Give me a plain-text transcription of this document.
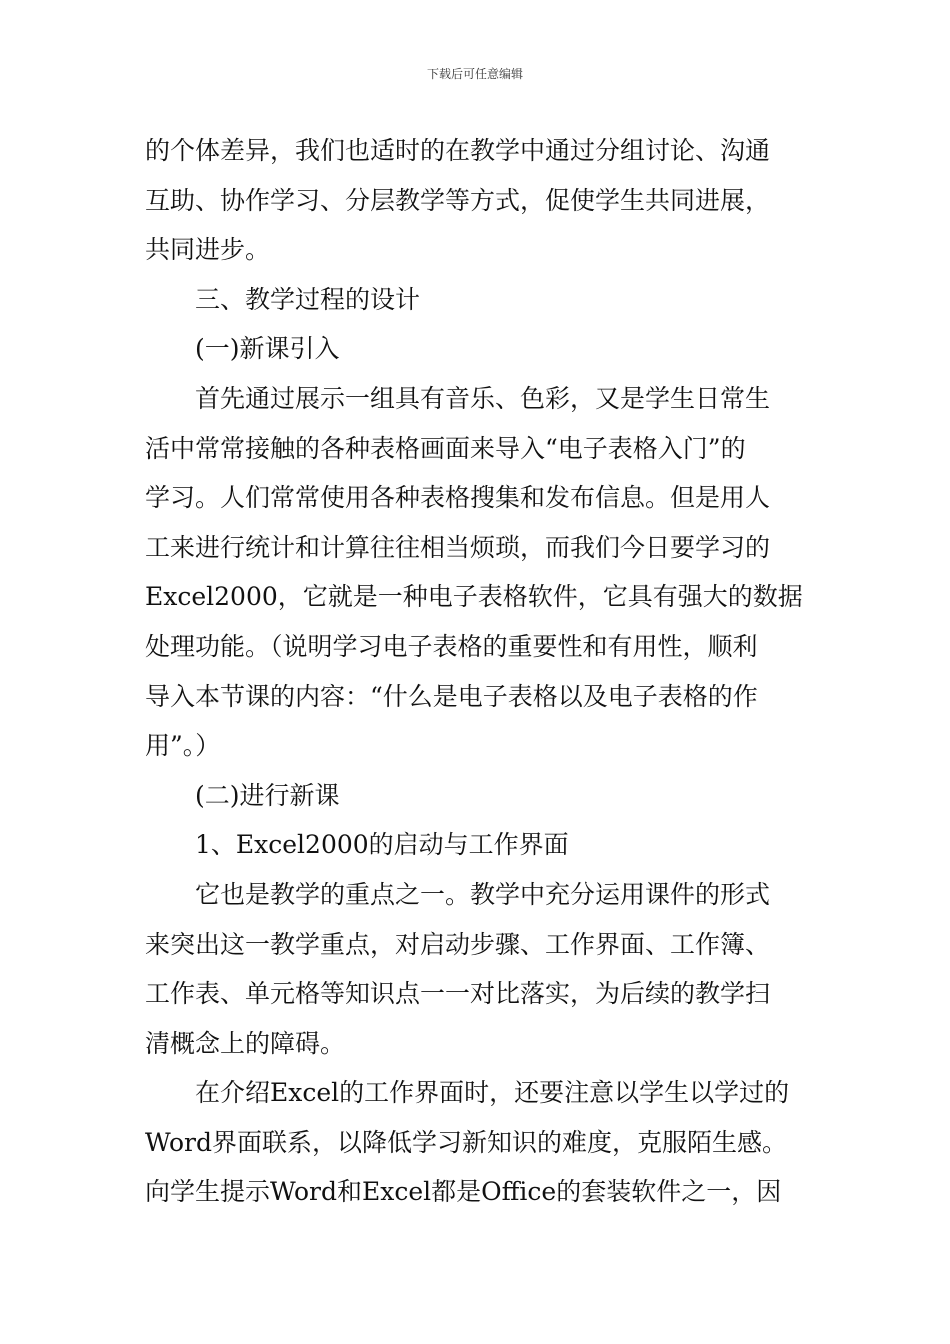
下载后可任意编辑

的个体差异，我们也适时的在教学中通过分组讨论、沟通

互助、协作学习、分层教学等方式，促使学生共同进展，

共同进步。

三、教学过程的设计

(一)新课引入

首先通过展示一组具有音乐、色彩，又是学生日常生

活中常常接触的各种表格画面来导入“电子表格入门”的

学习。人们常常使用各种表格搜集和发布信息。但是用人

工来进行统计和计算往往相当烦琐，而我们今日要学习的

Excel2000，它就是一种电子表格软件，它具有强大的数据

处理功能。（说明学习电子表格的重要性和有用性，顺利

导入本节课的内容：“什么是电子表格以及电子表格的作

用”。）

(二)进行新课

1、Excel2000的启动与工作界面

它也是教学的重点之一。教学中充分运用课件的形式

来突出这一教学重点，对启动步骤、工作界面、工作簿、

工作表、单元格等知识点一一对比落实，为后续的教学扫

清概念上的障碍。

在介绍Excel的工作界面时，还要注意以学生以学过的

Word界面联系，以降低学习新知识的难度，克服陌生感。

向学生提示Word和Excel都是Office的套装软件之一，因
